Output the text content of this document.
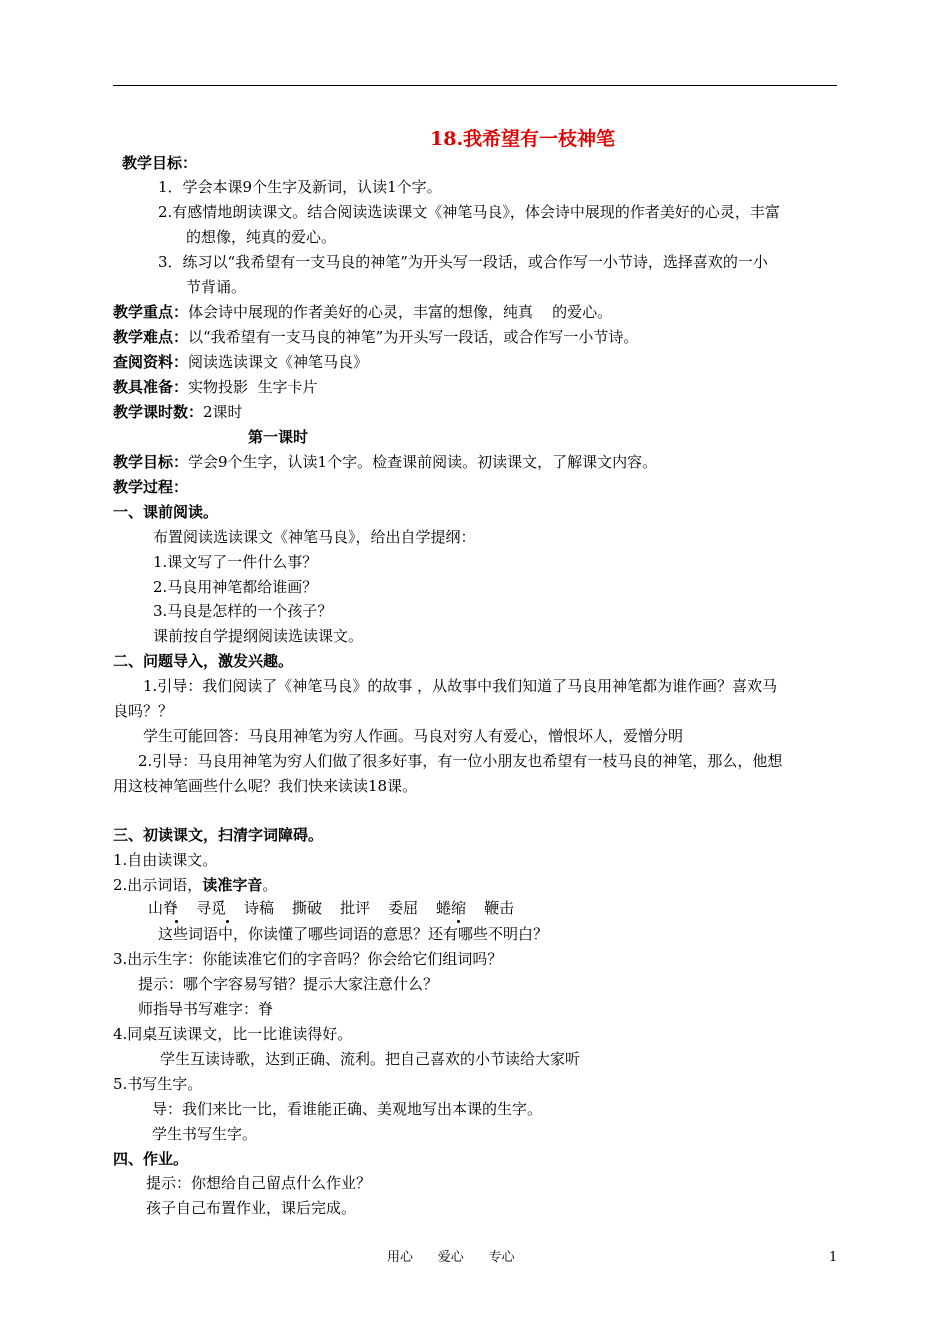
18.我希望有一枝神笔
教学目标：
1．学会本课9个生字及新词，认读1个字。
2.有感情地朗读课文。结合阅读选读课文《神笔马良》，体会诗中展现的作者美好的心灵，丰富
的想像，纯真的爱心。
3．练习以“我希望有一支马良的神笔”为开头写一段话，或合作写一小节诗，选择喜欢的一小
节背诵。
教学重点：体会诗中展现的作者美好的心灵，丰富的想像，纯真    的爱心。
教学难点：以“我希望有一支马良的神笔”为开头写一段话，或合作写一小节诗。
查阅资料：阅读选读课文《神笔马良》
教具准备：实物投影  生字卡片
教学课时数：2课时
第一课时
教学目标：学会9个生字，认读1个字。检查课前阅读。初读课文，了解课文内容。
教学过程：
一、课前阅读。
布置阅读选读课文《神笔马良》，给出自学提纲：
1.课文写了一件什么事？
2.马良用神笔都给谁画？
3.马良是怎样的一个孩子？
课前按自学提纲阅读选读课文。
二、问题导入，激发兴趣。
1.引导：我们阅读了《神笔马良》的故事 ，从故事中我们知道了马良用神笔都为谁作画？喜欢马
良吗？？
学生可能回答：马良用神笔为穷人作画。马良对穷人有爱心，憎恨坏人，爱憎分明
2.引导：马良用神笔为穷人们做了很多好事，有一位小朋友也希望有一枝马良的神笔，那么，他想
用这枝神笔画些什么呢？我们快来读读18课。
三、初读课文，扫清字词障碍。
1.自由读课文。
2.出示词语，读准字音。
山脊 寻觅 诗稿 撕破 批评 委屈 蜷缩 鞭击
这些词语中，你读懂了哪些词语的意思？还有哪些不明白？
3.出示生字：你能读准它们的字音吗？你会给它们组词吗？
提示：哪个字容易写错？提示大家注意什么？
师指导书写难字：脊
4.同桌互读课文，比一比谁读得好。
学生互读诗歌，达到正确、流利。把自己喜欢的小节读给大家听
5.书写生字。
导：我们来比一比，看谁能正确、美观地写出本课的生字。
学生书写生字。
四、作业。
提示：你想给自己留点什么作业？
孩子自己布置作业，课后完成。
用心      爱心      专心	1
